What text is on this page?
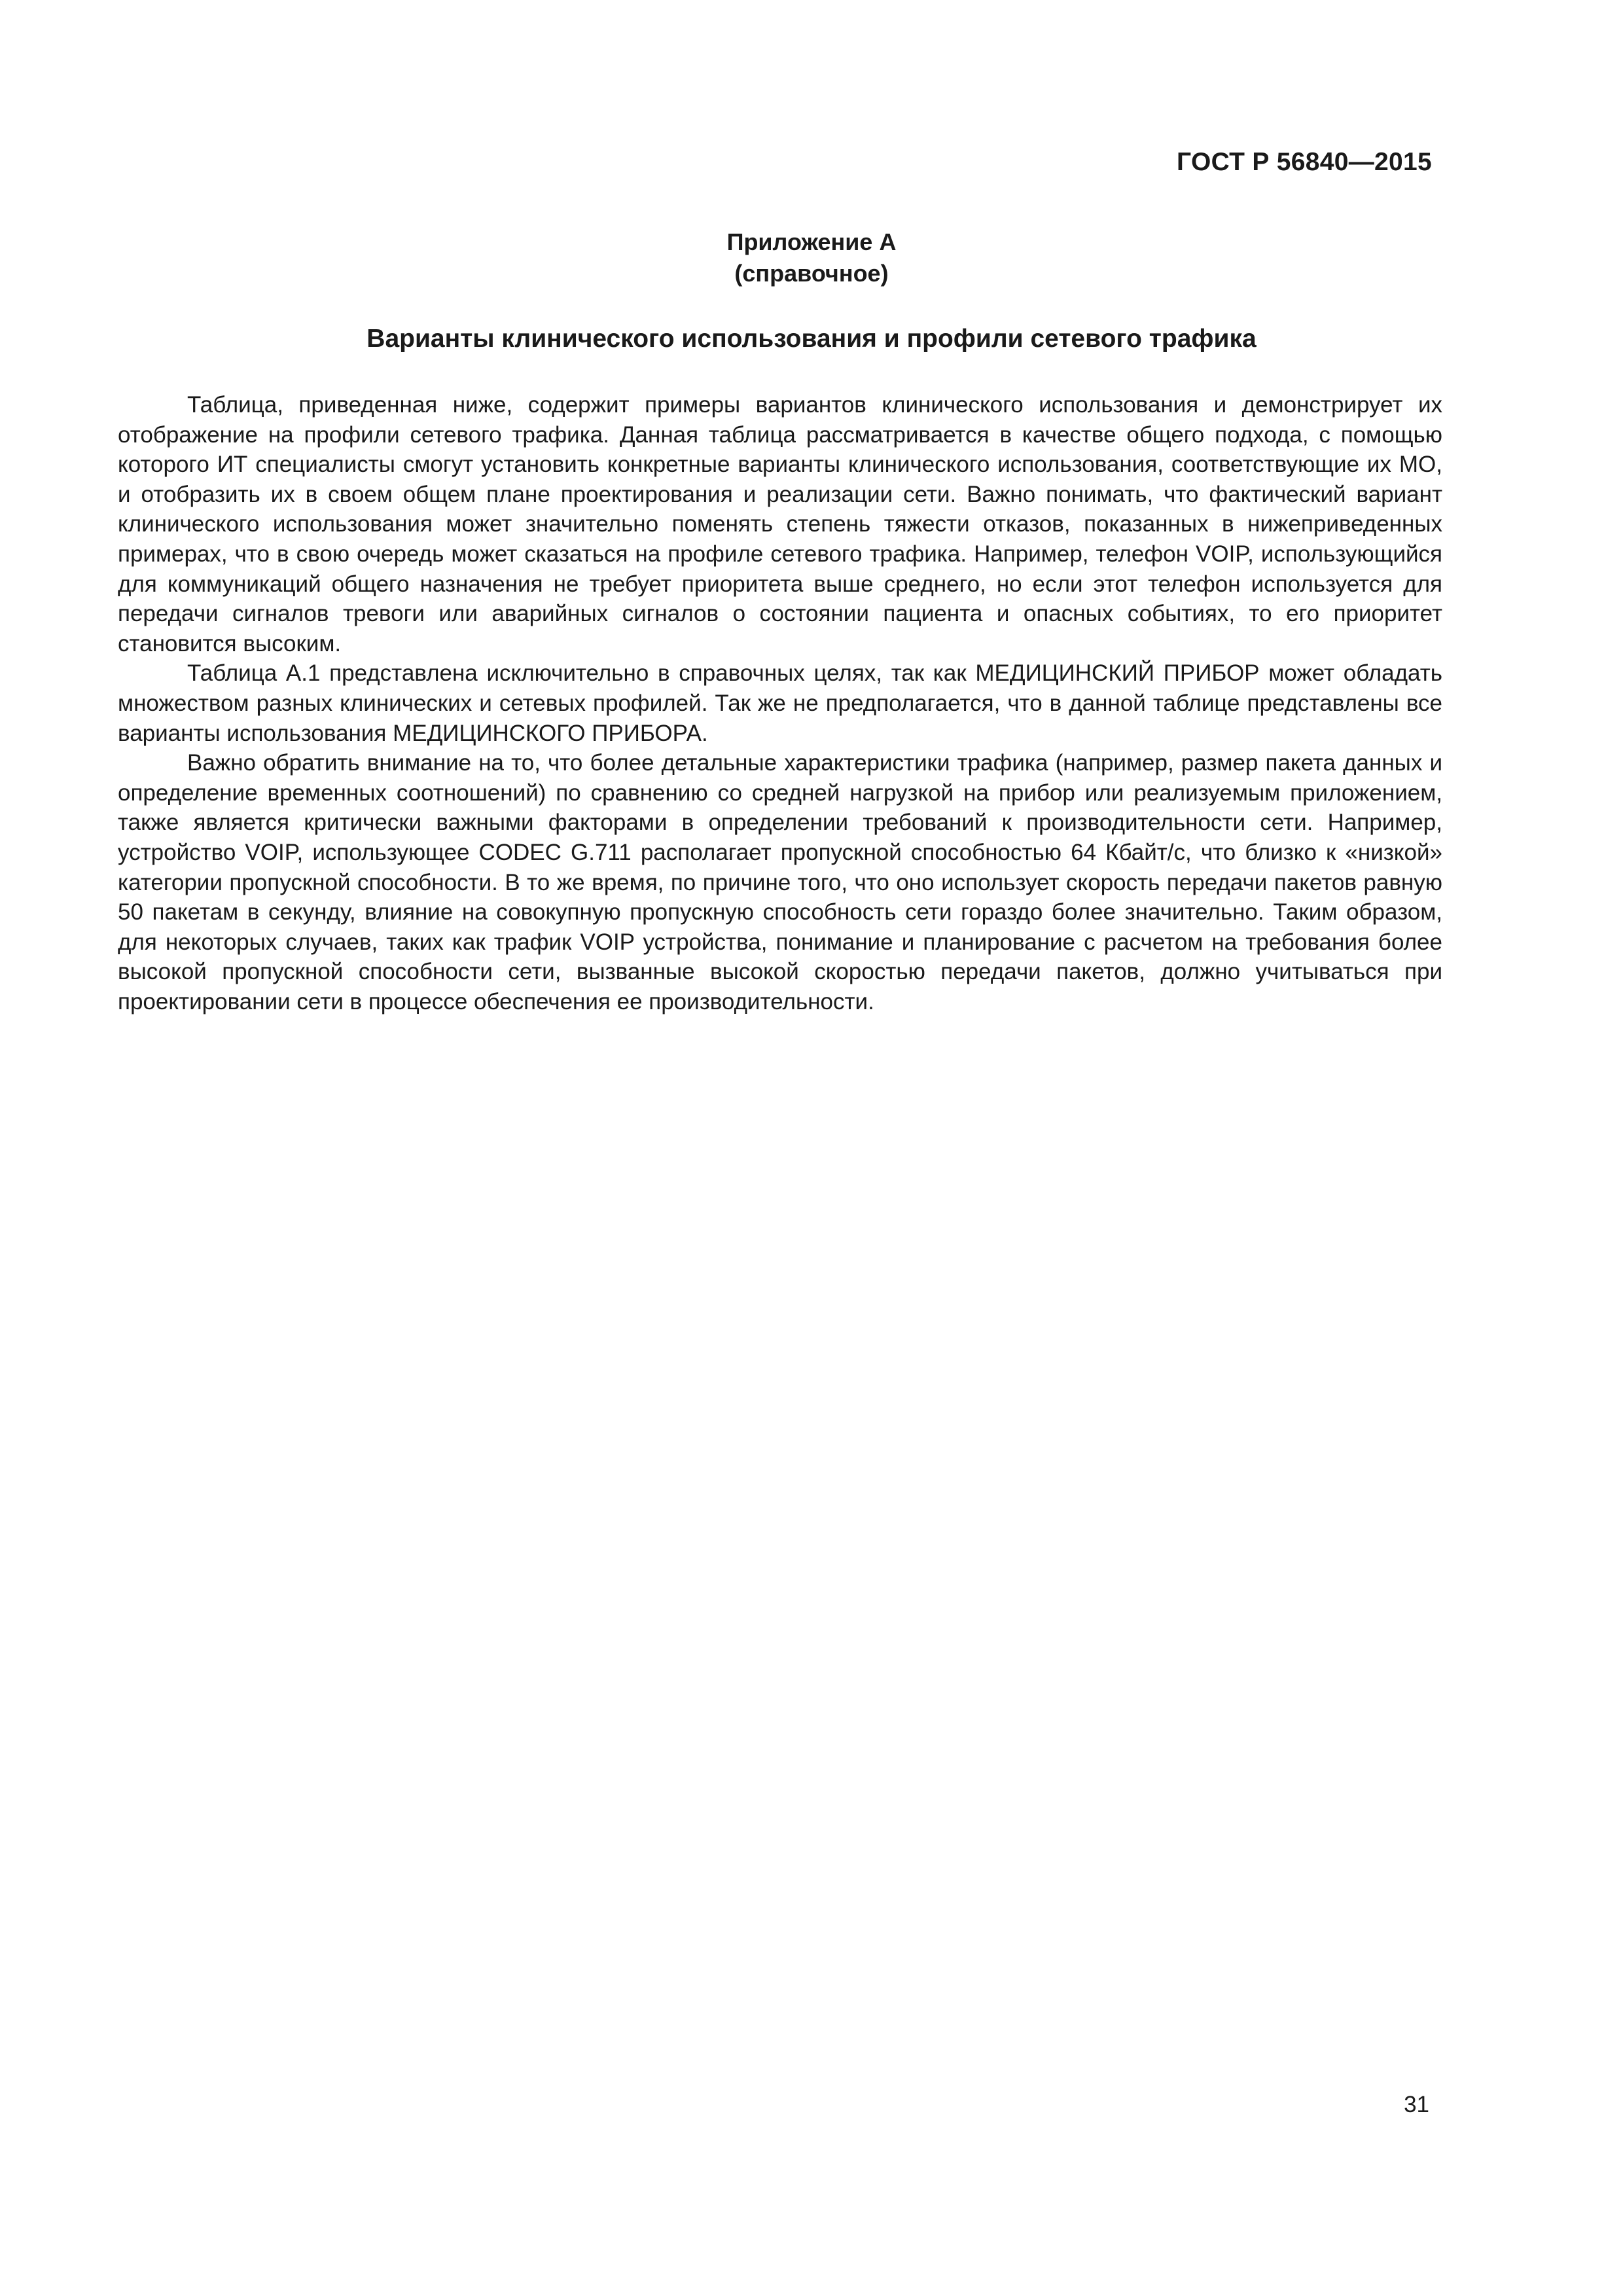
ГОСТ Р 56840—2015
Приложение А
(справочное)
Варианты клинического использования и профили сетевого трафика

Таблица, приведенная ниже, содержит примеры вариантов клинического использования и демонстрирует их отображение на профили сетевого трафика. Данная таблица рассматривается в качестве общего подхода, с помощью которого ИТ специалисты смогут установить конкретные варианты клинического использования, соответствующие их МО, и отобразить их в своем общем плане проектирования и реализации сети. Важно понимать, что фактический вариант клинического использования может значительно поменять степень тяжести отказов, показанных в нижеприведенных примерах, что в свою очередь может сказаться на профиле сетевого трафика. Например, телефон VOIP, использующийся для коммуникаций общего назначения не требует приоритета выше среднего, но если этот телефон используется для передачи сигналов тревоги или аварийных сигналов о состоянии пациента и опасных событиях, то его приоритет становится высоким.

Таблица А.1 представлена исключительно в справочных целях, так как МЕДИЦИНСКИЙ ПРИБОР может обладать множеством разных клинических и сетевых профилей. Так же не предполагается, что в данной таблице представлены все варианты использования МЕДИЦИНСКОГО ПРИБОРА.

Важно обратить внимание на то, что более детальные характеристики трафика (например, размер пакета данных и определение временных соотношений) по сравнению со средней нагрузкой на прибор или реализуемым приложением, также является критически важными факторами в определении требований к производительности сети. Например, устройство VOIP, использующее CODEC G.711 располагает пропускной способностью 64 Кбайт/с, что близко к «низкой» категории пропускной способности. В то же время, по причине того, что оно использует скорость передачи пакетов равную 50 пакетам в секунду, влияние на совокупную пропускную способность сети гораздо более значительно. Таким образом, для некоторых случаев, таких как трафик VOIP устройства, понимание и планирование с расчетом на требования более высокой пропускной способности сети, вызванные высокой скоростью передачи пакетов, должно учитываться при проектировании сети в процессе обеспечения ее производительности.

31
